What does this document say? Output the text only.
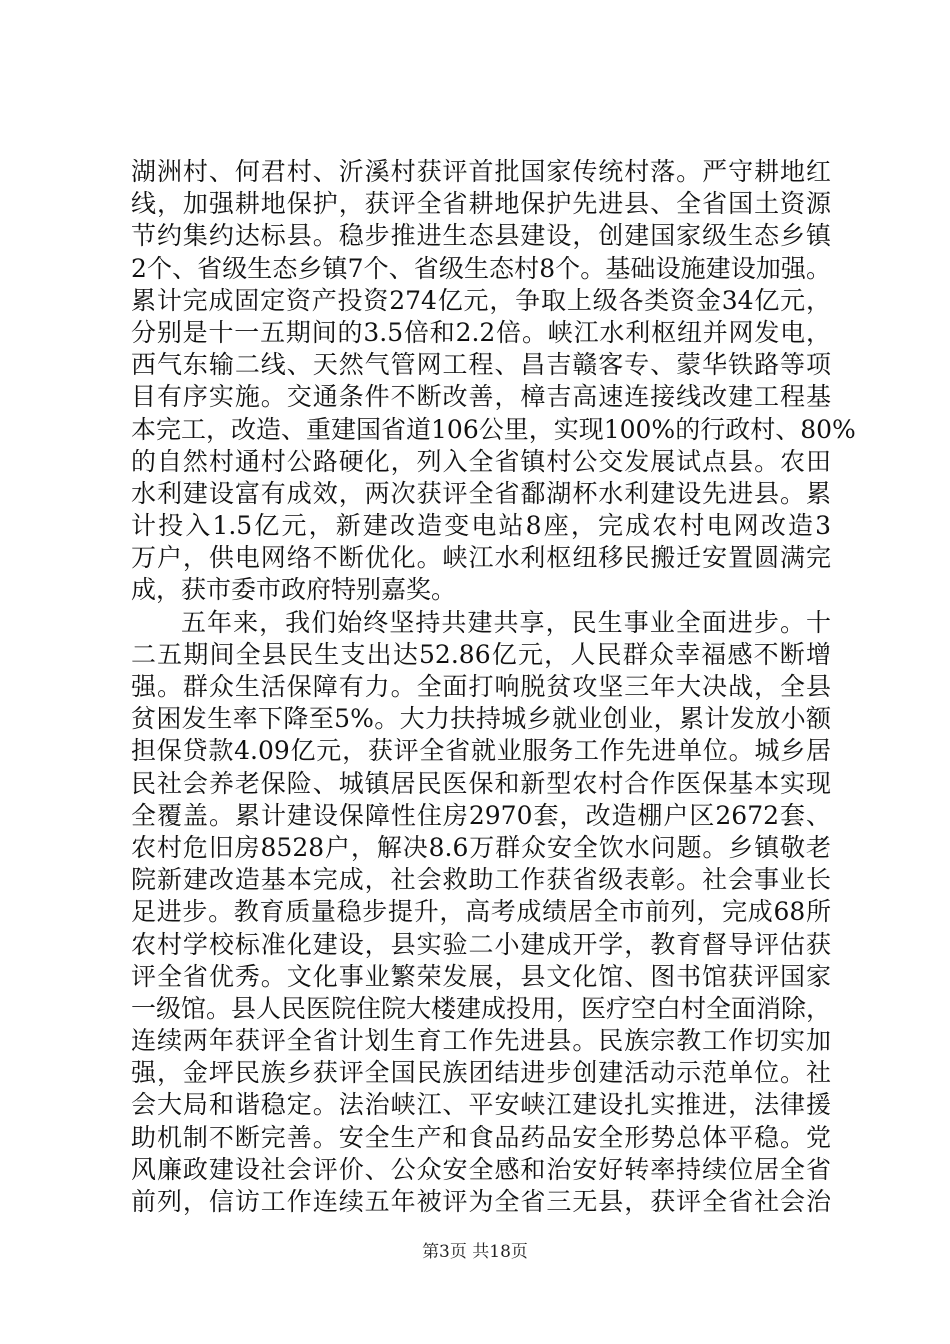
湖洲村、何君村、沂溪村获评首批国家传统村落。严守耕地红
线，加强耕地保护，获评全省耕地保护先进县、全省国土资源
节约集约达标县。稳步推进生态县建设，创建国家级生态乡镇
2个、省级生态乡镇7个、省级生态村8个。基础设施建设加强。
累计完成固定资产投资274亿元，争取上级各类资金34亿元，
分别是十一五期间的3.5倍和2.2倍。峡江水利枢纽并网发电，
西气东输二线、天然气管网工程、昌吉赣客专、蒙华铁路等项
目有序实施。交通条件不断改善，樟吉高速连接线改建工程基
本完工，改造、重建国省道106公里，实现100%的行政村、80%
的自然村通村公路硬化，列入全省镇村公交发展试点县。农田
水利建设富有成效，两次获评全省鄱湖杯水利建设先进县。累
计投入1.5亿元，新建改造变电站8座，完成农村电网改造3
万户，供电网络不断优化。峡江水利枢纽移民搬迁安置圆满完
成，获市委市政府特别嘉奖。
五年来，我们始终坚持共建共享，民生事业全面进步。十
二五期间全县民生支出达52.86亿元，人民群众幸福感不断增
强。群众生活保障有力。全面打响脱贫攻坚三年大决战，全县
贫困发生率下降至5%。大力扶持城乡就业创业，累计发放小额
担保贷款4.09亿元，获评全省就业服务工作先进单位。城乡居
民社会养老保险、城镇居民医保和新型农村合作医保基本实现
全覆盖。累计建设保障性住房2970套，改造棚户区2672套、
农村危旧房8528户，解决8.6万群众安全饮水问题。乡镇敬老
院新建改造基本完成，社会救助工作获省级表彰。社会事业长
足进步。教育质量稳步提升，高考成绩居全市前列，完成68所
农村学校标准化建设，县实验二小建成开学，教育督导评估获
评全省优秀。文化事业繁荣发展，县文化馆、图书馆获评国家
一级馆。县人民医院住院大楼建成投用，医疗空白村全面消除，
连续两年获评全省计划生育工作先进县。民族宗教工作切实加
强，金坪民族乡获评全国民族团结进步创建活动示范单位。社
会大局和谐稳定。法治峡江、平安峡江建设扎实推进，法律援
助机制不断完善。安全生产和食品药品安全形势总体平稳。党
风廉政建设社会评价、公众安全感和治安好转率持续位居全省
前列，信访工作连续五年被评为全省三无县，获评全省社会治
第3页 共18页
